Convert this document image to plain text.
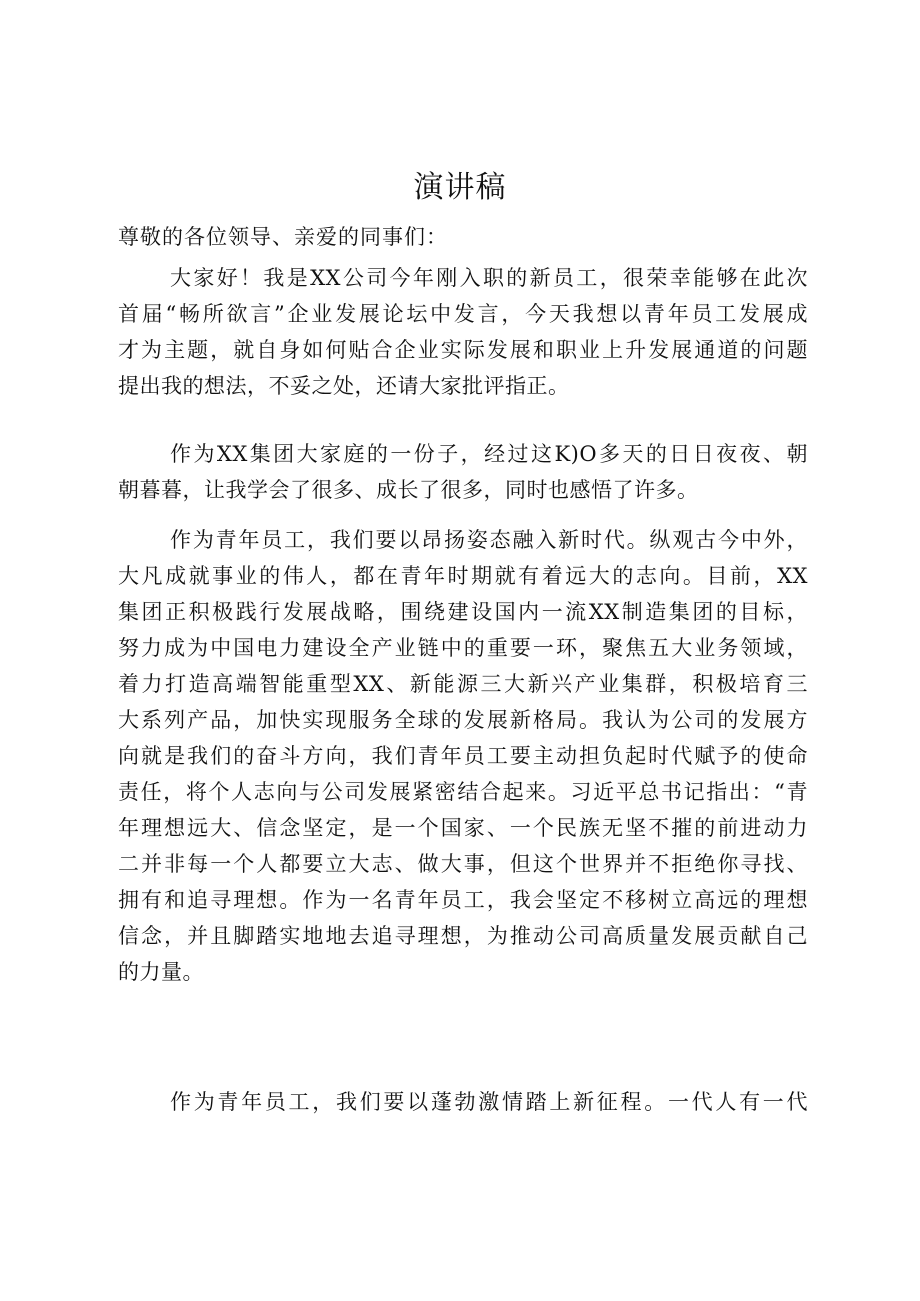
演讲稿
尊敬的各位领导、亲爱的同事们：
大家好！我是XX公司今年刚入职的新员工，很荣幸能够在此次
首届“畅所欲言”企业发展论坛中发言，今天我想以青年员工发展成
才为主题，就自身如何贴合企业实际发展和职业上升发展通道的问题
提出我的想法，不妥之处，还请大家批评指正。
作为XX集团大家庭的一份子，经过这K)O多天的日日夜夜、朝
朝暮暮，让我学会了很多、成长了很多，同时也感悟了许多。
作为青年员工，我们要以昂扬姿态融入新时代。纵观古今中外，
大凡成就事业的伟人，都在青年时期就有着远大的志向。目前，XX
集团正积极践行发展战略，围绕建设国内一流XX制造集团的目标，
努力成为中国电力建设全产业链中的重要一环，聚焦五大业务领域，
着力打造高端智能重型XX、新能源三大新兴产业集群，积极培育三
大系列产品，加快实现服务全球的发展新格局。我认为公司的发展方
向就是我们的奋斗方向，我们青年员工要主动担负起时代赋予的使命
责任，将个人志向与公司发展紧密结合起来。习近平总书记指出：“青
年理想远大、信念坚定，是一个国家、一个民族无坚不摧的前进动力
二并非每一个人都要立大志、做大事，但这个世界并不拒绝你寻找、
拥有和追寻理想。作为一名青年员工，我会坚定不移树立高远的理想
信念，并且脚踏实地地去追寻理想，为推动公司高质量发展贡献自己
的力量。
作为青年员工，我们要以蓬勃激情踏上新征程。一代人有一代
